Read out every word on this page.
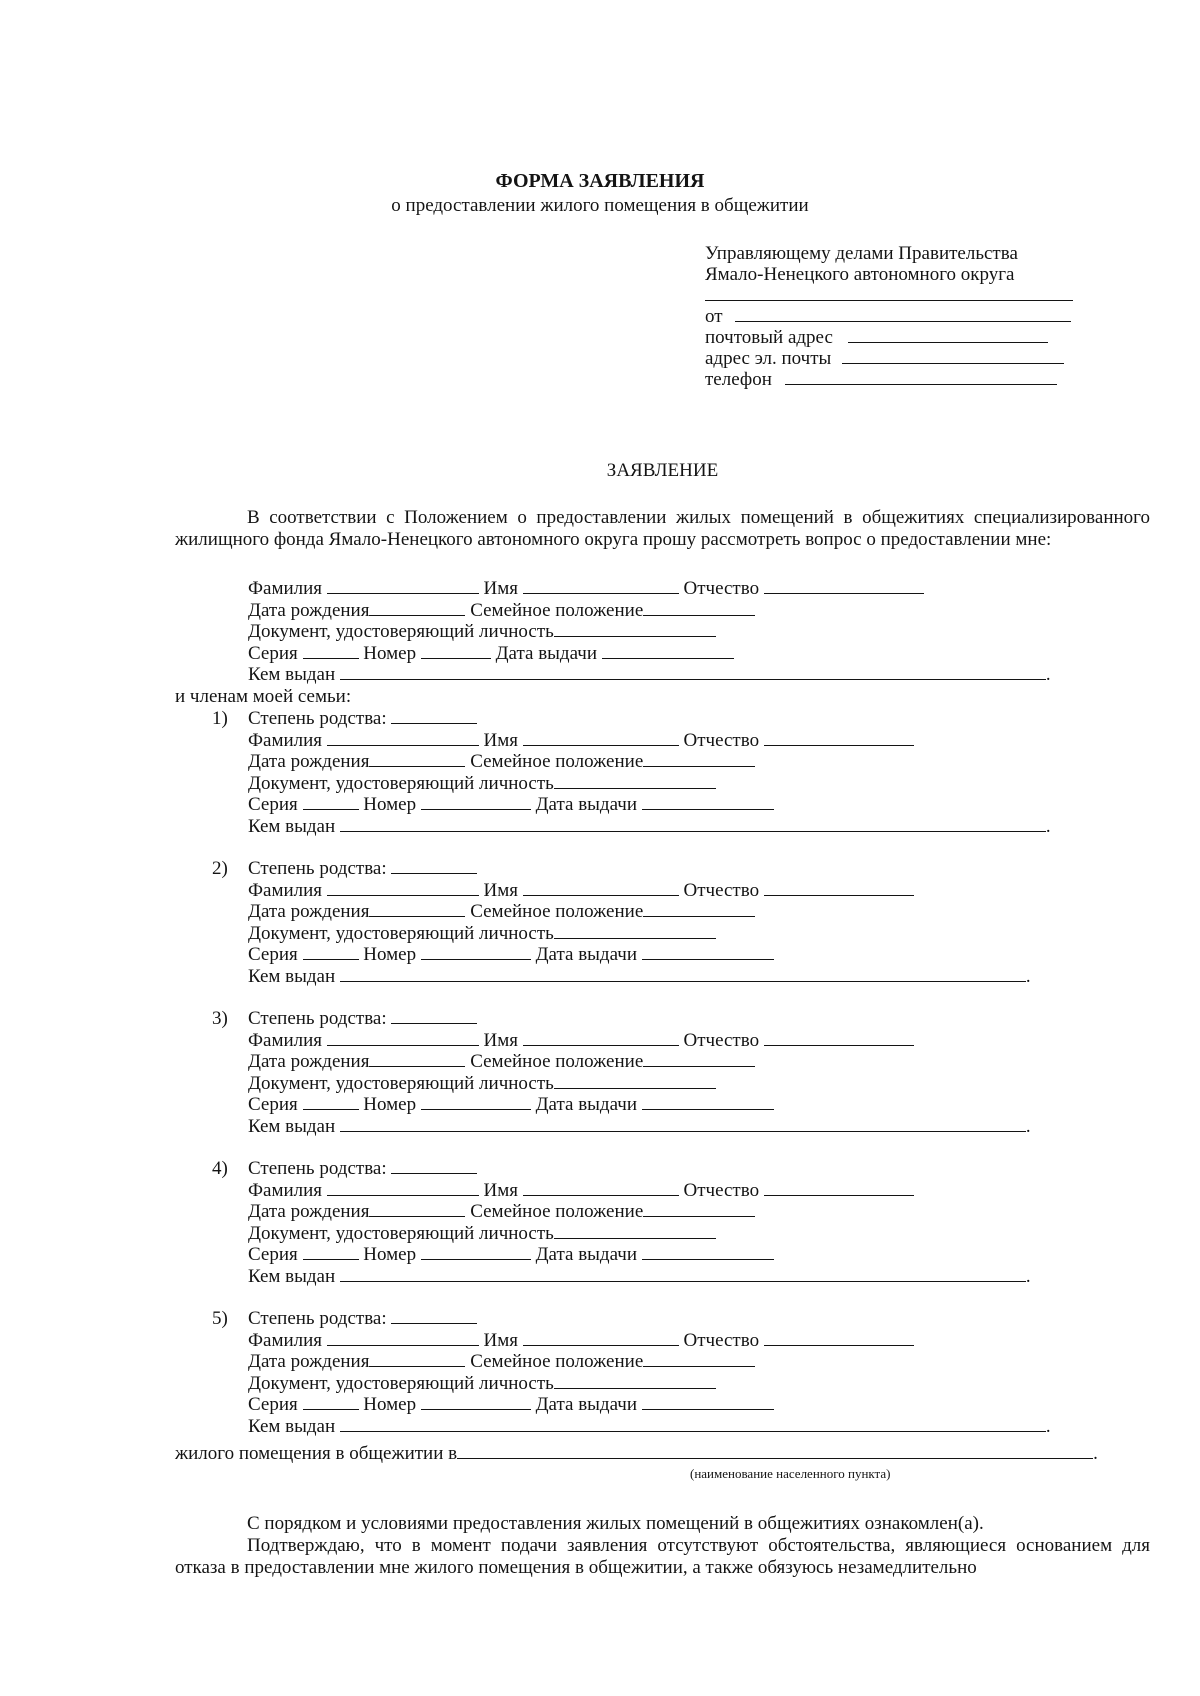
ФОРМА ЗАЯВЛЕНИЯ
о предоставлении жилого помещения в общежитии
Управляющему делами Правительства
Ямало-Ненецкого автономного округа
от
почтовый адрес
адрес эл. почты
телефон
ЗАЯВЛЕНИЕ
В соответствии с Положением о предоставлении жилых помещений в общежитиях специализированного жилищного фонда Ямало-Ненецкого автономного округа прошу рассмотреть вопрос о предоставлении мне:
Фамилия	Имя	Отчество
Дата рождения	Семейное положение
Документ, удостоверяющий личность
Серия	Номер	Дата выдачи
Кем выдан	.
и членам моей семьи:
1) Степень родства:
Фамилия	Имя	Отчество
Дата рождения	Семейное положение
Документ, удостоверяющий личность
Серия	Номер	Дата выдачи
Кем выдан	.
2) Степень родства:
Фамилия	Имя	Отчество
Дата рождения	Семейное положение
Документ, удостоверяющий личность
Серия	Номер	Дата выдачи
Кем выдан	.
3) Степень родства:
Фамилия	Имя	Отчество
Дата рождения	Семейное положение
Документ, удостоверяющий личность
Серия	Номер	Дата выдачи
Кем выдан	.
4) Степень родства:
Фамилия	Имя	Отчество
Дата рождения	Семейное положение
Документ, удостоверяющий личность
Серия	Номер	Дата выдачи
Кем выдан	.
5) Степень родства:
Фамилия	Имя	Отчество
Дата рождения	Семейное положение
Документ, удостоверяющий личность
Серия	Номер	Дата выдачи
Кем выдан	.
жилого помещения в общежитии в	.
(наименование населенного пункта)
С порядком и условиями предоставления жилых помещений в общежитиях ознакомлен(а).
Подтверждаю, что в момент подачи заявления отсутствуют обстоятельства, являющиеся основанием для отказа в предоставлении мне жилого помещения в общежитии, а также обязуюсь незамедлительно
